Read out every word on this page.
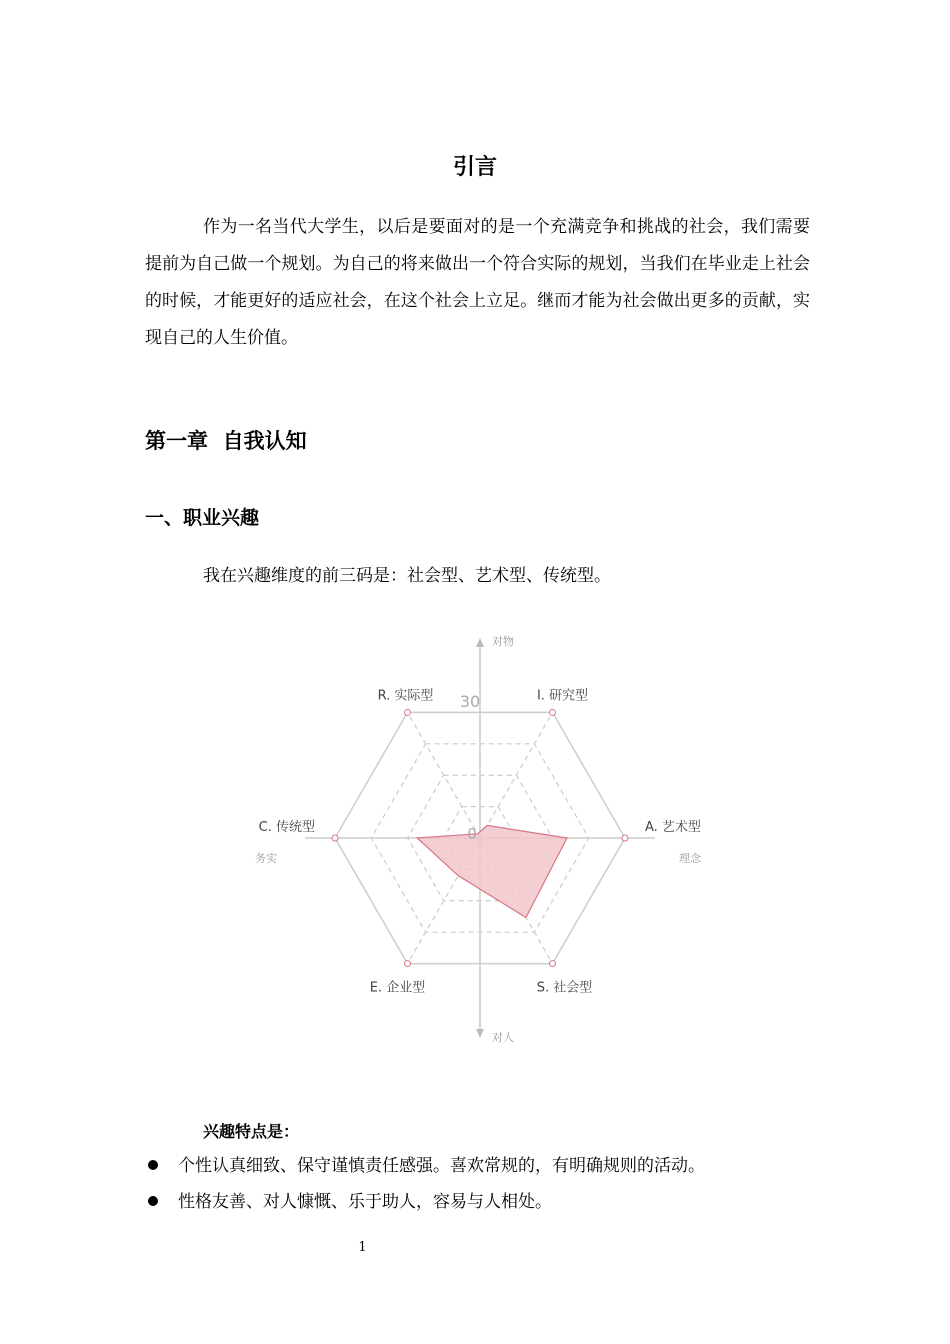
引言

作为一名当代大学生，以后是要面对的是一个充满竞争和挑战的社会，我们需要提前为自己做一个规划。为自己的将来做出一个符合实际的规划，当我们在毕业走上社会的时候，才能更好的适应社会，在这个社会上立足。继而才能为社会做出更多的贡献，实现自己的人生价值。

第一章  自我认知
一、职业兴趣
我在兴趣维度的前三码是：社会型、艺术型、传统型。
R. 实际型	I. 研究型
A. 艺术型
S. 社会型
E. 企业型
C. 传统型
30
0
对物
对人
务实	理念
兴趣特点是：
个性认真细致、保守谨慎责任感强。喜欢常规的，有明确规则的活动。
性格友善、对人慷慨、乐于助人，容易与人相处。
1
